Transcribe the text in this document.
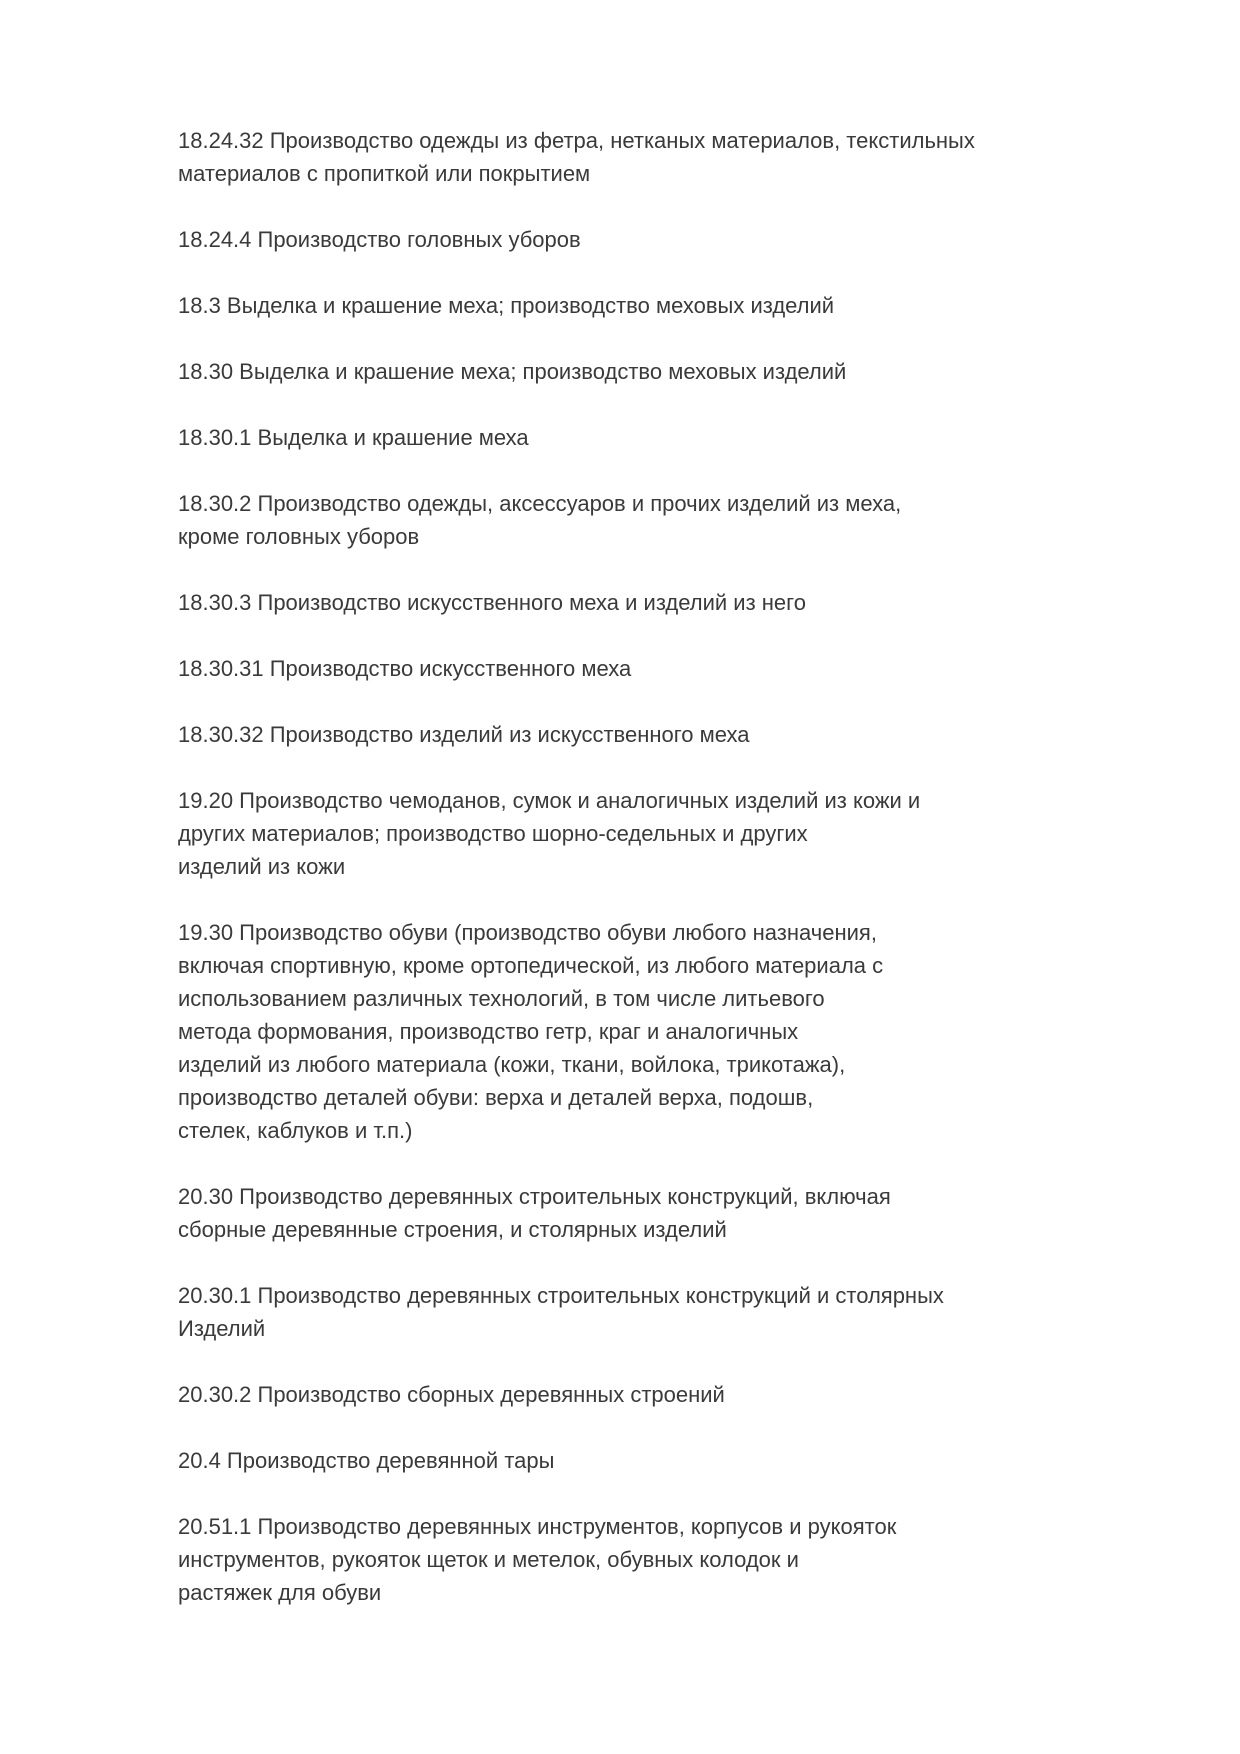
18.24.32 Производство одежды из фетра, нетканых материалов, текстильных
материалов с пропиткой или покрытием
18.24.4 Производство головных уборов
18.3 Выделка и крашение меха; производство меховых изделий
18.30 Выделка и крашение меха; производство меховых изделий
18.30.1 Выделка и крашение меха
18.30.2 Производство одежды, аксессуаров и прочих изделий из меха,
кроме головных уборов
18.30.3 Производство искусственного меха и изделий из него
18.30.31 Производство искусственного меха
18.30.32 Производство изделий из искусственного меха
19.20 Производство чемоданов, сумок и аналогичных изделий из кожи и
других материалов; производство шорно-седельных и других
изделий из кожи
19.30 Производство обуви (производство обуви любого назначения,
включая спортивную, кроме ортопедической, из любого материала с
использованием различных технологий, в том числе литьевого
метода формования, производство гетр, краг и аналогичных
изделий из любого материала (кожи, ткани, войлока, трикотажа),
производство деталей обуви: верха и деталей верха, подошв,
стелек, каблуков и т.п.)
20.30 Производство деревянных строительных конструкций, включая
сборные деревянные строения, и столярных изделий
20.30.1 Производство деревянных строительных конструкций и столярных
Изделий
20.30.2 Производство сборных деревянных строений
20.4 Производство деревянной тары
20.51.1 Производство деревянных инструментов, корпусов и рукояток
инструментов, рукояток щеток и метелок, обувных колодок и
растяжек для обуви
